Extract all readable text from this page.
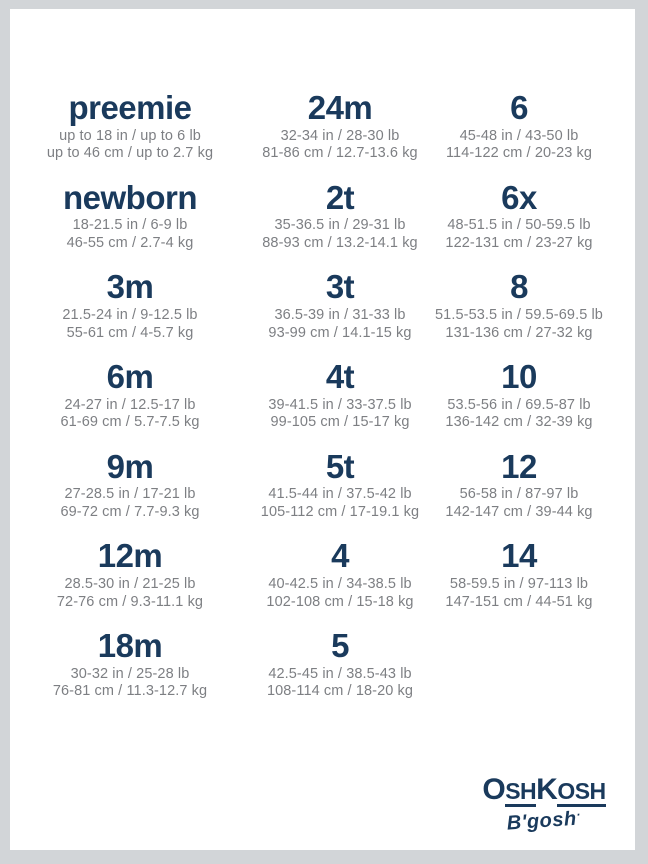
preemie
up to 18 in / up to 6 lb
up to 46 cm / up to 2.7 kg
newborn
18-21.5 in / 6-9 lb
46-55 cm / 2.7-4 kg
3m
21.5-24 in / 9-12.5 lb
55-61 cm / 4-5.7 kg
6m
24-27 in / 12.5-17 lb
61-69 cm / 5.7-7.5 kg
9m
27-28.5 in / 17-21 lb
69-72 cm / 7.7-9.3 kg
12m
28.5-30 in / 21-25 lb
72-76 cm / 9.3-11.1 kg
18m
30-32 in / 25-28 lb
76-81 cm / 11.3-12.7 kg
24m
32-34 in / 28-30 lb
81-86 cm / 12.7-13.6 kg
2t
35-36.5 in / 29-31 lb
88-93 cm / 13.2-14.1 kg
3t
36.5-39 in / 31-33 lb
93-99 cm / 14.1-15 kg
4t
39-41.5 in / 33-37.5 lb
99-105 cm / 15-17 kg
5t
41.5-44 in / 37.5-42 lb
105-112 cm / 17-19.1 kg
4
40-42.5 in / 34-38.5 lb
102-108 cm / 15-18 kg
5
42.5-45 in / 38.5-43 lb
108-114 cm / 18-20 kg
6
45-48 in / 43-50 lb
114-122 cm / 20-23 kg
6x
48-51.5 in / 50-59.5 lb
122-131 cm / 23-27 kg
8
51.5-53.5 in / 59.5-69.5 lb
131-136 cm / 27-32 kg
10
53.5-56 in / 69.5-87 lb
136-142 cm / 32-39 kg
12
56-58 in / 87-97 lb
142-147 cm / 39-44 kg
14
58-59.5 in / 97-113 lb
147-151 cm / 44-51 kg
O SH K OSH
B'gosh·
